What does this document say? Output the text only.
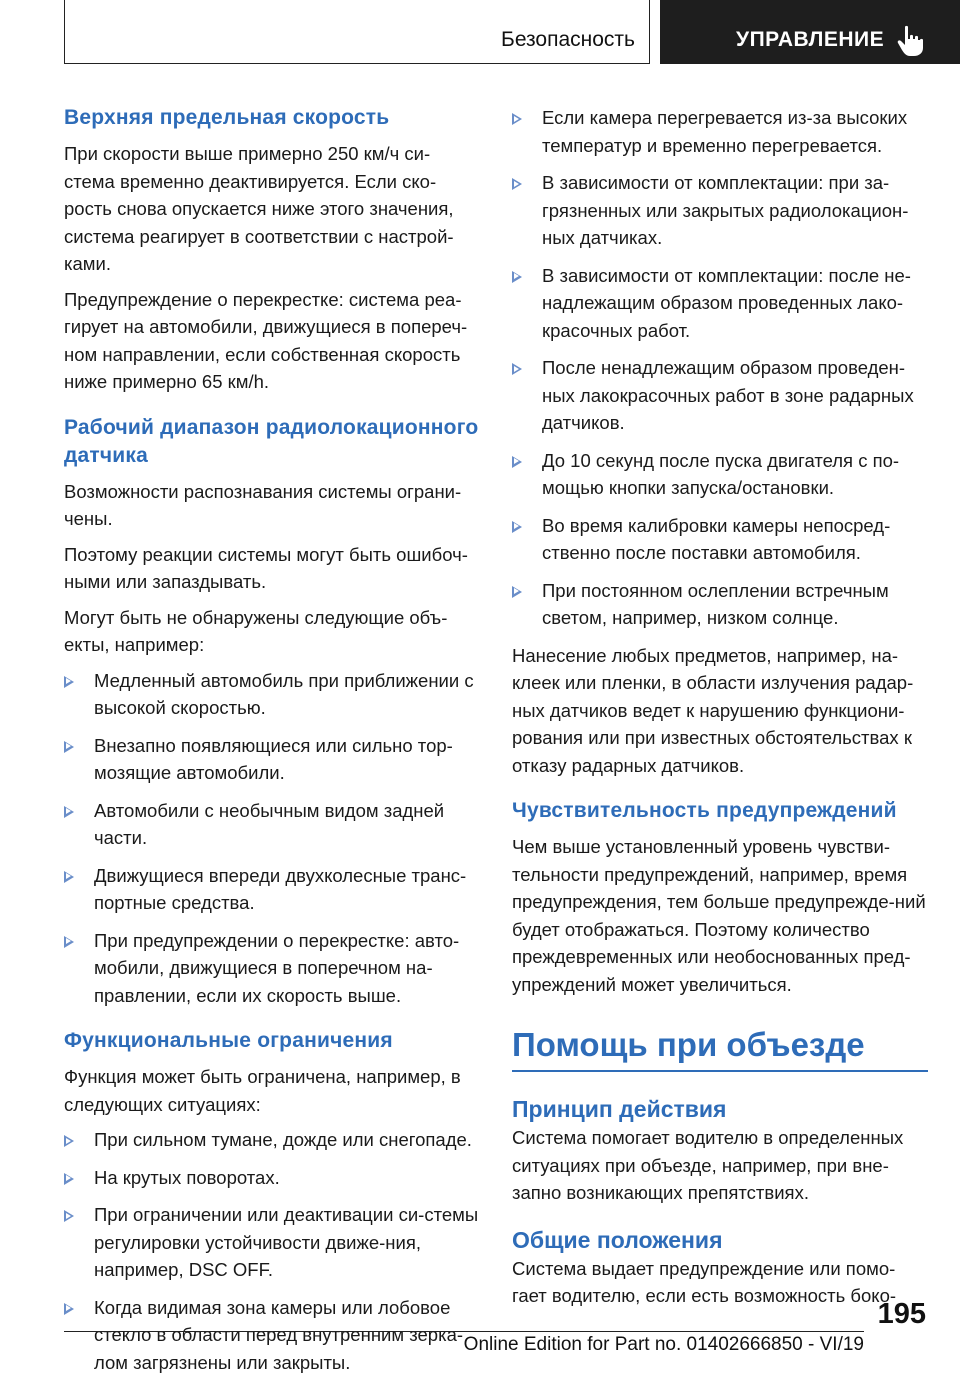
Безопасность	УПРАВЛЕНИЕ
Верхняя предельная скорость

При скорости выше примерно 250 км/ч си-стема временно деактивируется. Если ско-рость снова опускается ниже этого значения, система реагирует в соответствии с настрой-ками.

Предупреждение о перекрестке: система реа-гирует на автомобили, движущиеся в попереч-ном направлении, если собственная скорость ниже примерно 65 км/h.

Рабочий диапазон радиолокационного датчика

Возможности распознавания системы ограни-чены.

Поэтому реакции системы могут быть ошибоч-ными или запаздывать.

Могут быть не обнаружены следующие объ-екты, например:

Медленный автомобиль при приближении с высокой скоростью.
Внезапно появляющиеся или сильно тор-мозящие автомобили.
Автомобили с необычным видом задней части.
Движущиеся впереди двухколесные транс-портные средства.
При предупреждении о перекрестке: авто-мобили, движущиеся в поперечном на-правлении, если их скорость выше.
Функциональные ограничения

Функция может быть ограничена, например, в следующих ситуациях:

При сильном тумане, дожде или снегопаде.
На крутых поворотах.
При ограничении или деактивации си-стемы регулировки устойчивости движе-ния, например, DSC OFF.
Когда видимая зона камеры или лобовое стекло в области перед внутренним зерка-лом загрязнены или закрыты.
Если камера перегревается из-за высоких температур и временно перегревается.
В зависимости от комплектации: при за-грязненных или закрытых радиолокацион-ных датчиках.
В зависимости от комплектации: после не-надлежащим образом проведенных лако-красочных работ.
После ненадлежащим образом проведен-ных лакокрасочных работ в зоне радарных датчиков.
До 10 секунд после пуска двигателя с по-мощью кнопки запуска/остановки.
Во время калибровки камеры непосред-ственно после поставки автомобиля.
При постоянном ослеплении встречным светом, например, низком солнце.

Нанесение любых предметов, например, на-клеек или пленки, в области излучения радар-ных датчиков ведет к нарушению функциони-рования или при известных обстоятельствах к отказу радарных датчиков.

Чувствительность предупреждений

Чем выше установленный уровень чувстви-тельности предупреждений, например, время предупреждения, тем больше предупрежде-ний будет отображаться. Поэтому количество преждевременных или необоснованных пред-упреждений может увеличиться.

Помощь при объезде
Принцип действия

Система помогает водителю в определенных ситуациях при объезде, например, при вне-запно возникающих препятствиях.

Общие положения

Система выдает предупреждение или помо-гает водителю, если есть возможность боко-

195
Online Edition for Part no. 01402666850 - VI/19
